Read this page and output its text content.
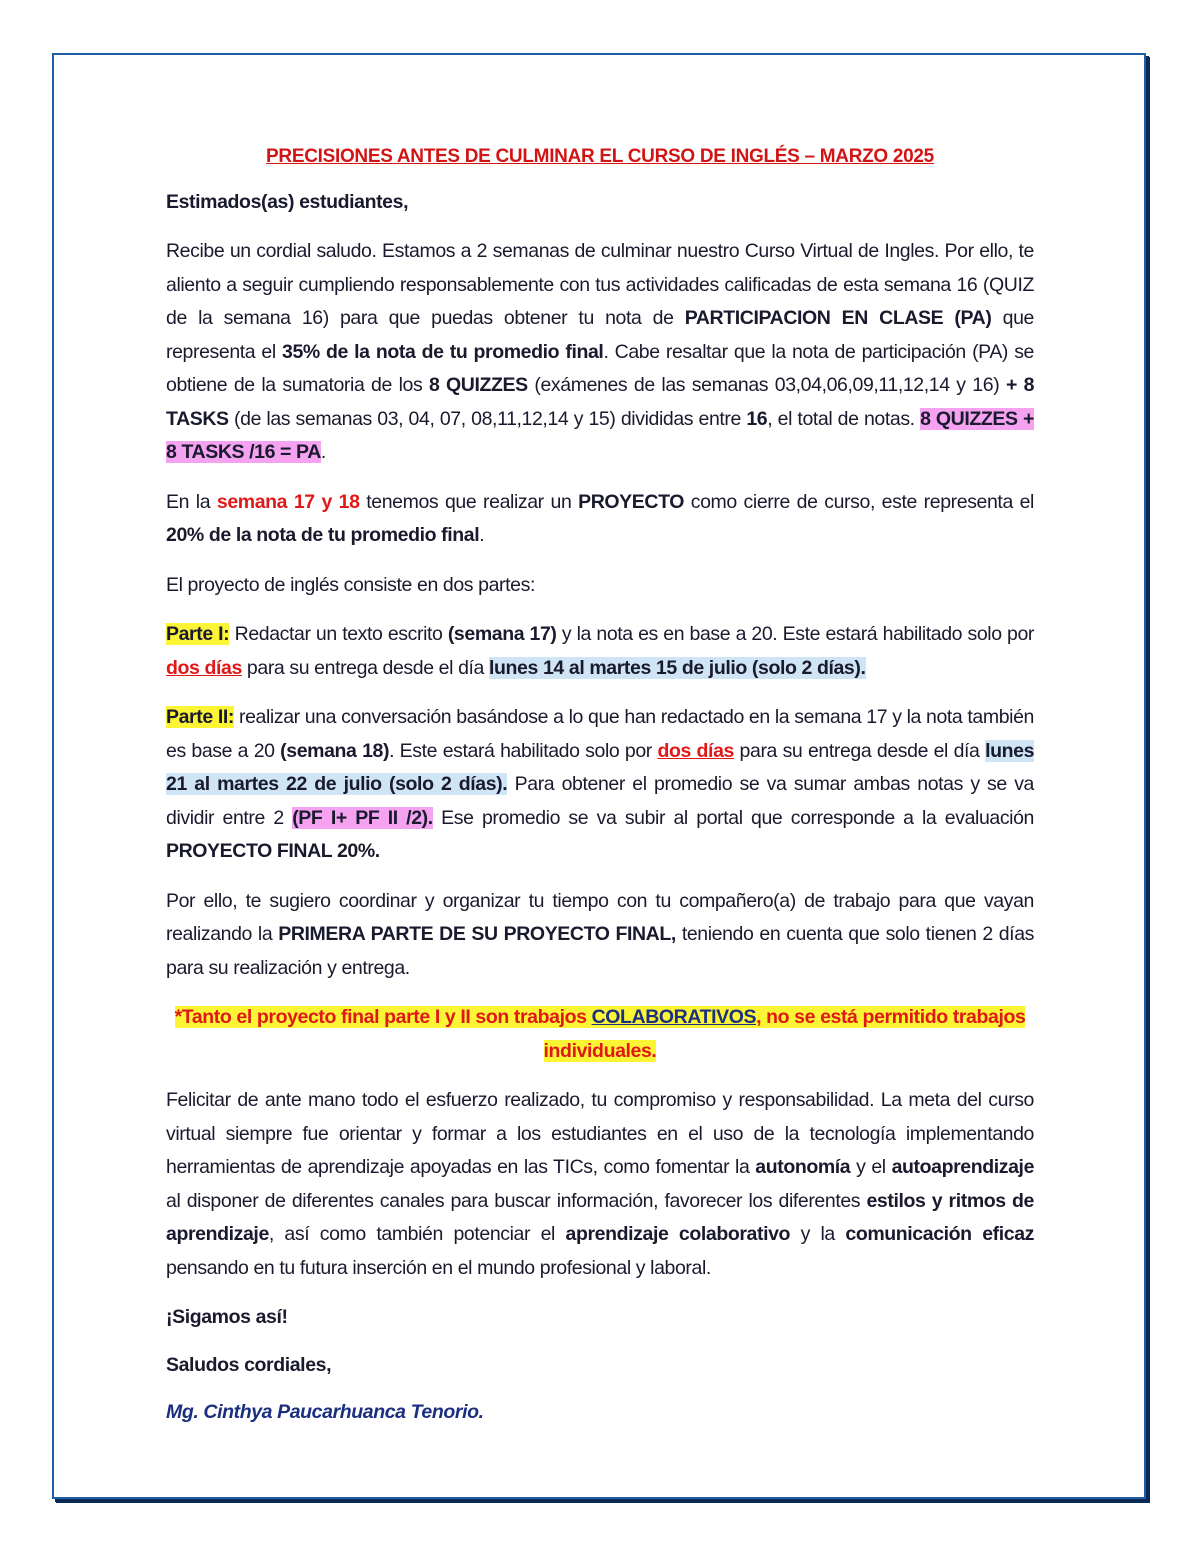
PRECISIONES ANTES DE CULMINAR EL CURSO DE INGLÉS – MARZO 2025

Estimados(as) estudiantes,

Recibe un cordial saludo. Estamos a 2 semanas de culminar nuestro Curso Virtual de Ingles. Por ello, te aliento a seguir cumpliendo responsablemente con tus actividades calificadas de esta semana 16 (QUIZ de la semana 16) para que puedas obtener tu nota de PARTICIPACION EN CLASE (PA) que representa el 35% de la nota de tu promedio final. Cabe resaltar que la nota de participación (PA) se obtiene de la sumatoria de los 8 QUIZZES (exámenes de las semanas 03,04,06,09,11,12,14 y 16) + 8 TASKS (de las semanas 03, 04, 07, 08,11,12,14 y 15) divididas entre 16, el total de notas. 8 QUIZZES + 8 TASKS /16 = PA.

En la semana 17 y 18 tenemos que realizar un PROYECTO como cierre de curso, este representa el 20% de la nota de tu promedio final.

El proyecto de inglés consiste en dos partes:

Parte I: Redactar un texto escrito (semana 17) y la nota es en base a 20. Este estará habilitado solo por dos días para su entrega desde el día lunes 14 al martes 15 de julio (solo 2 días).

Parte II: realizar una conversación basándose a lo que han redactado en la semana 17 y la nota también es base a 20 (semana 18). Este estará habilitado solo por dos días para su entrega desde el día lunes 21 al martes 22 de julio (solo 2 días). Para obtener el promedio se va sumar ambas notas y se va dividir entre 2 (PF I+ PF II /2). Ese promedio se va subir al portal que corresponde a la evaluación PROYECTO FINAL 20%.

Por ello, te sugiero coordinar y organizar tu tiempo con tu compañero(a) de trabajo para que vayan realizando la PRIMERA PARTE DE SU PROYECTO FINAL, teniendo en cuenta que solo tienen 2 días para su realización y entrega.

*Tanto el proyecto final parte I y II son trabajos COLABORATIVOS, no se está permitido trabajos individuales.

Felicitar de ante mano todo el esfuerzo realizado, tu compromiso y responsabilidad. La meta del curso virtual siempre fue orientar y formar a los estudiantes en el uso de la tecnología implementando herramientas de aprendizaje apoyadas en las TICs, como fomentar la autonomía y el autoaprendizaje al disponer de diferentes canales para buscar información, favorecer los diferentes estilos y ritmos de aprendizaje, así como también potenciar el aprendizaje colaborativo y la comunicación eficaz pensando en tu futura inserción en el mundo profesional y laboral.

¡Sigamos así!

Saludos cordiales,

Mg. Cinthya Paucarhuanca Tenorio.
